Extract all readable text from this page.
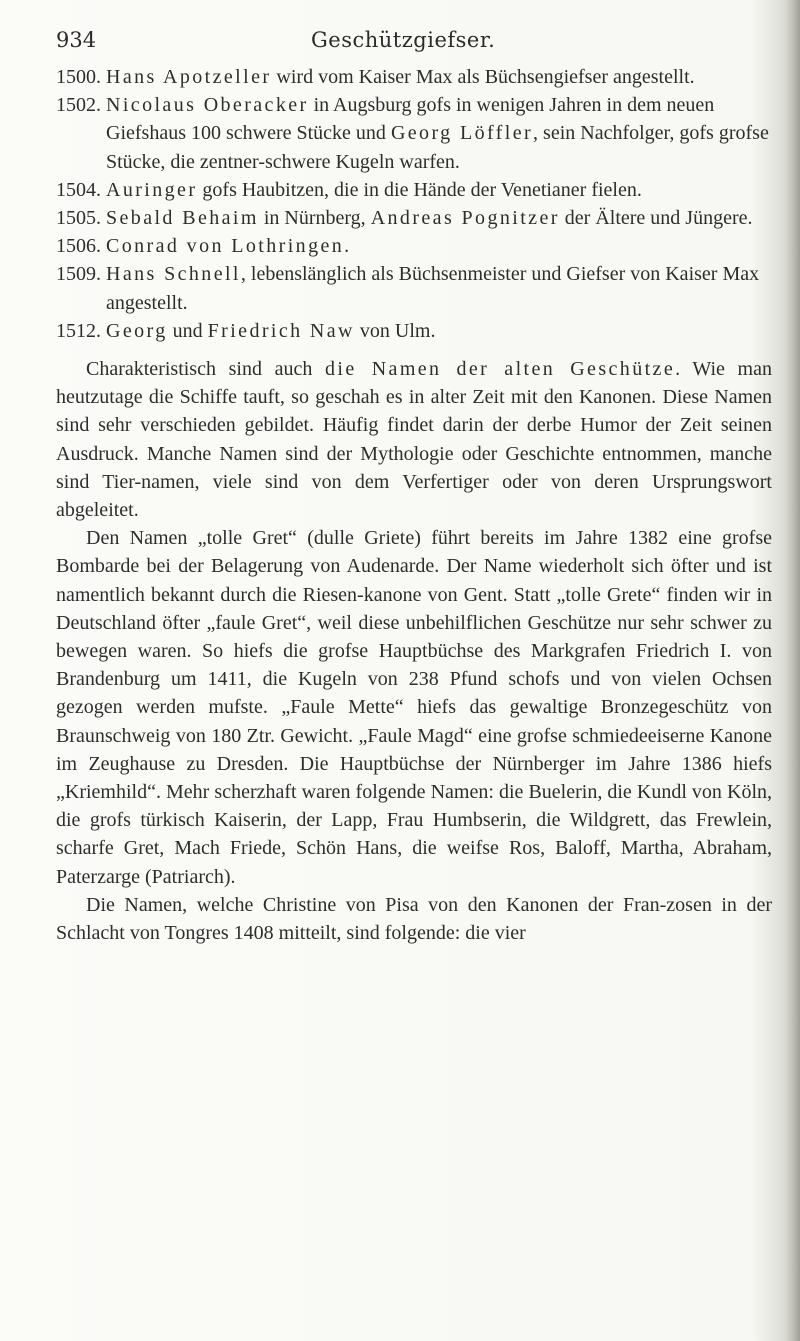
934	Geschützgiefser.
1500. Hans Apotzeller wird vom Kaiser Max als Büchsengiefser angestellt.
1502. Nicolaus Oberacker in Augsburg gofs in wenigen Jahren in dem neuen Giefshaus 100 schwere Stücke und Georg Löffler, sein Nachfolger, gofs grofse Stücke, die zentner-schwere Kugeln warfen.
1504. Auringer gofs Haubitzen, die in die Hände der Venetianer fielen.
1505. Sebald Behaim in Nürnberg, Andreas Pognitzer der Ältere und Jüngere.
1506. Conrad von Lothringen.
1509. Hans Schnell, lebenslänglich als Büchsenmeister und Giefser von Kaiser Max angestellt.
1512. Georg und Friedrich Naw von Ulm.

Charakteristisch sind auch die Namen der alten Geschütze. Wie man heutzutage die Schiffe tauft, so geschah es in alter Zeit mit den Kanonen. Diese Namen sind sehr verschieden gebildet. Häufig findet darin der derbe Humor der Zeit seinen Ausdruck. Manche Namen sind der Mythologie oder Geschichte entnommen, manche sind Tier-namen, viele sind von dem Verfertiger oder von deren Ursprungswort abgeleitet.

Den Namen „tolle Gret“ (dulle Griete) führt bereits im Jahre 1382 eine grofse Bombarde bei der Belagerung von Audenarde. Der Name wiederholt sich öfter und ist namentlich bekannt durch die Riesen-kanone von Gent. Statt „tolle Grete“ finden wir in Deutschland öfter „faule Gret“, weil diese unbehilflichen Geschütze nur sehr schwer zu bewegen waren. So hiefs die grofse Hauptbüchse des Markgrafen Friedrich I. von Brandenburg um 1411, die Kugeln von 238 Pfund schofs und von vielen Ochsen gezogen werden mufste. „Faule Mette“ hiefs das gewaltige Bronzegeschütz von Braunschweig von 180 Ztr. Gewicht. „Faule Magd“ eine grofse schmiedeeiserne Kanone im Zeughause zu Dresden. Die Hauptbüchse der Nürnberger im Jahre 1386 hiefs „Kriemhild“. Mehr scherzhaft waren folgende Namen: die Buelerin, die Kundl von Köln, die grofs türkisch Kaiserin, der Lapp, Frau Humbserin, die Wildgrett, das Frewlein, scharfe Gret, Mach Friede, Schön Hans, die weifse Ros, Baloff, Martha, Abraham, Paterzarge (Patriarch).

Die Namen, welche Christine von Pisa von den Kanonen der Fran-zosen in der Schlacht von Tongres 1408 mitteilt, sind folgende: die vier
